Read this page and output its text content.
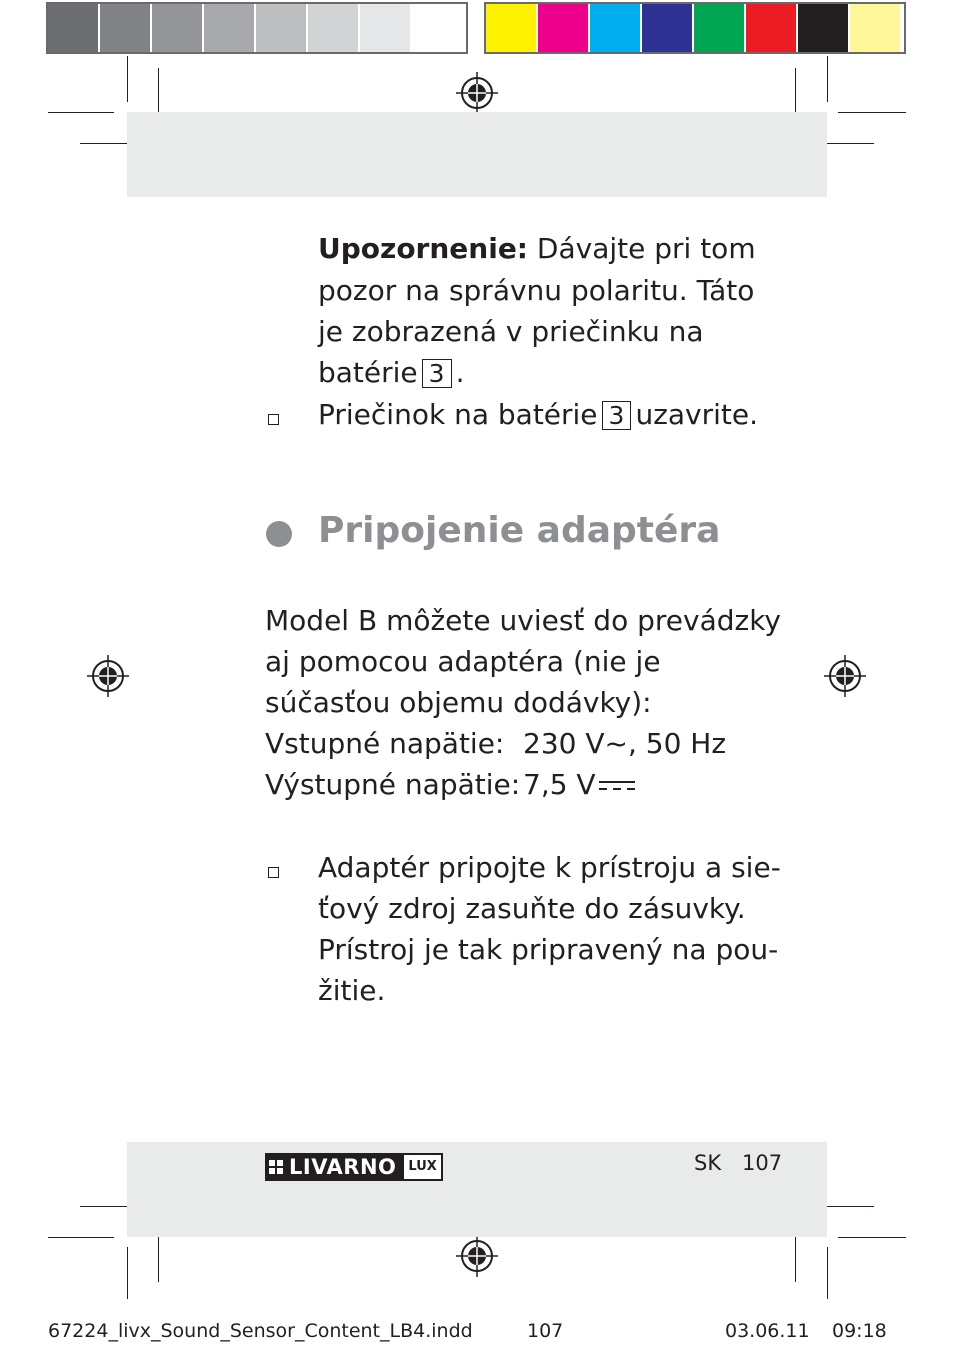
Upozornenie: Dávajte pri tom
pozor na správnu polaritu. Táto
je zobrazená v priečinku na
batérie 3 .
Priečinok na batérie 3 uzavrite.
Pripojenie adaptéra
Model B môžete uviesť do prevádzky
aj pomocou adaptéra (nie je
súčasťou objemu dodávky):
Vstupné napätie: 230 V~, 50 Hz
Výstupné napätie: 7,5 V
Adaptér pripojte k prístroju a sie-
ťový zdroj zasuňte do zásuvky.
Prístroj je tak pripravený na pou-
žitie.
LIVARNO LUX	SK 107
67224_livx_Sound_Sensor_Content_LB4.indd	107	03.06.11 09:18
